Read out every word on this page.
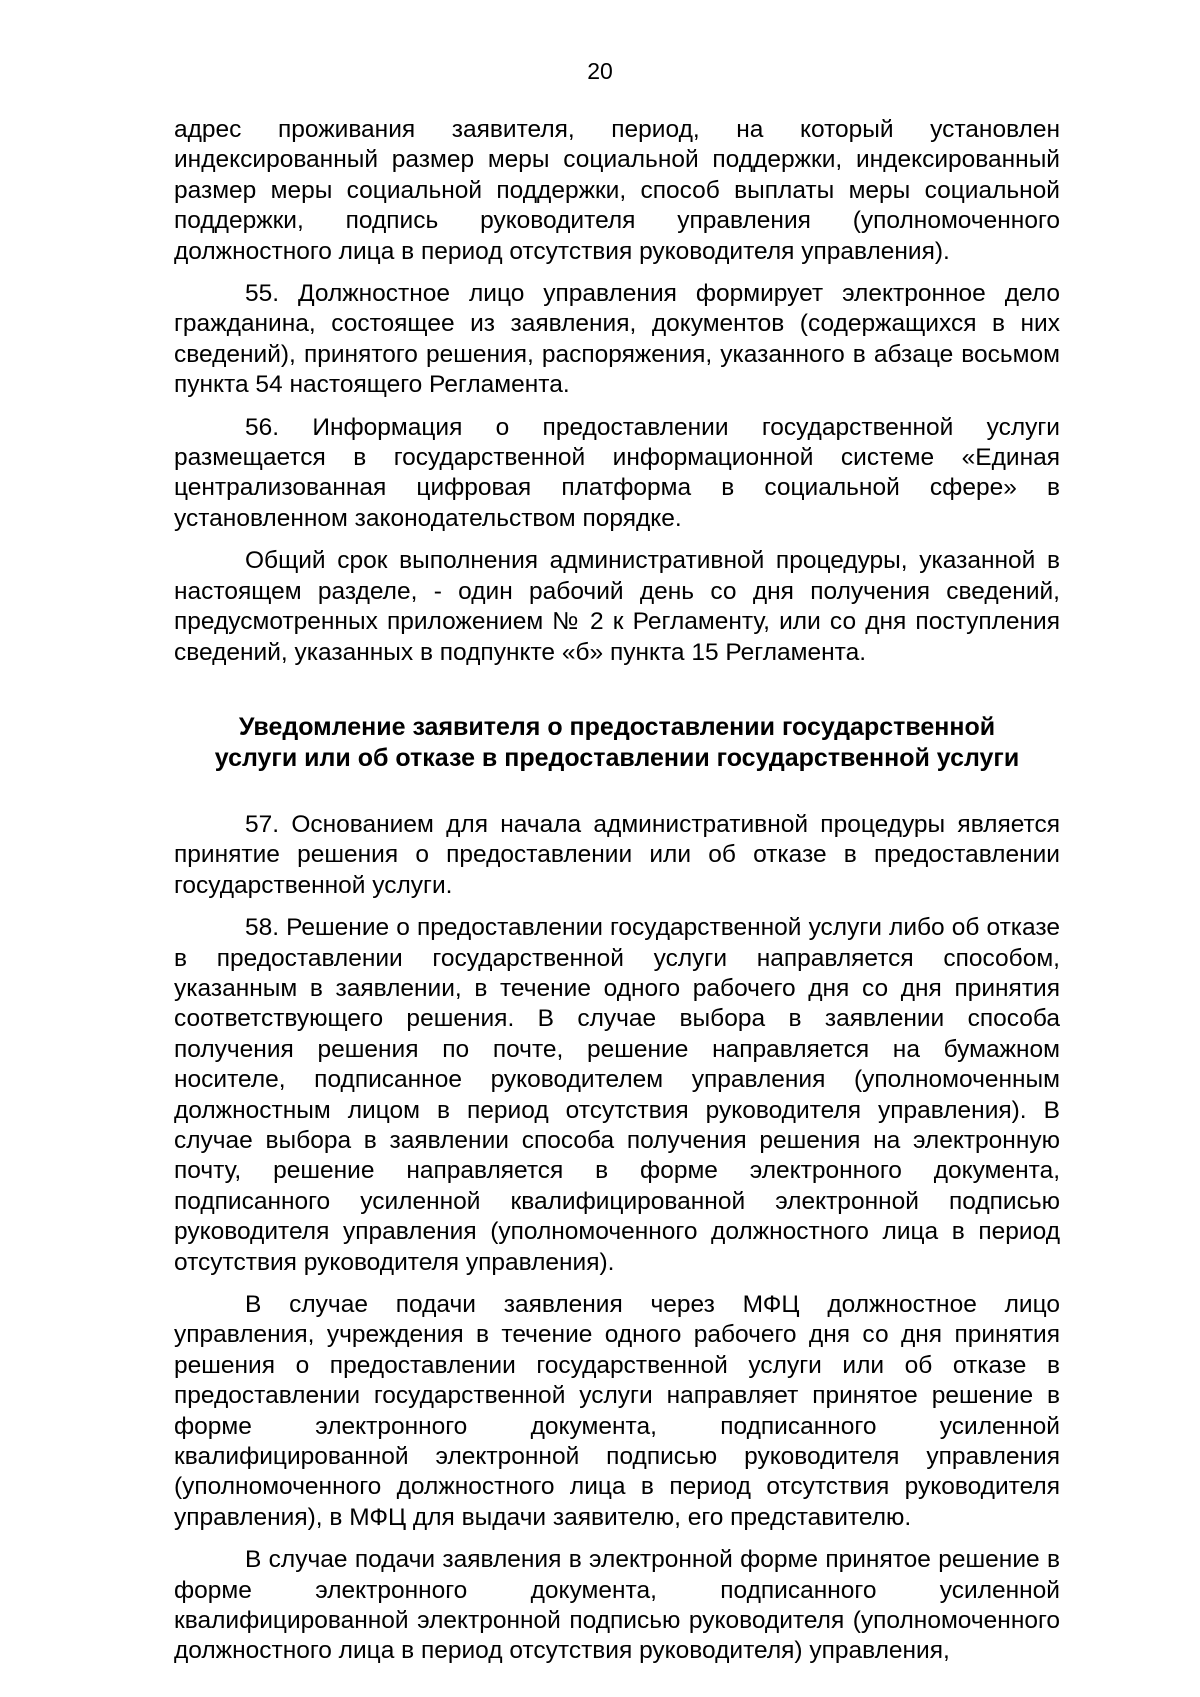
20

адрес проживания заявителя, период, на который установлен индексированный размер меры социальной поддержки, индексированный размер меры социальной поддержки, способ выплаты меры социальной поддержки, подпись руководителя управления (уполномоченного должностного лица в период отсутствия руководителя управления).

55. Должностное лицо управления формирует электронное дело гражданина, состоящее из заявления, документов (содержащихся в них сведений), принятого решения, распоряжения, указанного в абзаце восьмом пункта 54 настоящего Регламента.

56. Информация о предоставлении государственной услуги размещается в государственной информационной системе «Единая централизованная цифровая платформа в социальной сфере» в установленном законодательством порядке.

Общий срок выполнения административной процедуры, указанной в настоящем разделе, - один рабочий день со дня получения сведений, предусмотренных приложением № 2 к Регламенту, или со дня поступления сведений, указанных в подпункте «б» пункта 15 Регламента.

Уведомление заявителя о предоставлении государственной
услуги или об отказе в предоставлении государственной услуги

57. Основанием для начала административной процедуры является принятие решения о предоставлении или об отказе в предоставлении государственной услуги.

58. Решение о предоставлении государственной услуги либо об отказе в предоставлении государственной услуги направляется способом, указанным в заявлении, в течение одного рабочего дня со дня принятия соответствующего решения. В случае выбора в заявлении способа получения решения по почте, решение направляется на бумажном носителе, подписанное руководителем управления (уполномоченным должностным лицом в период отсутствия руководителя управления). В случае выбора в заявлении способа получения решения на электронную почту, решение направляется в форме электронного документа, подписанного усиленной квалифицированной электронной подписью руководителя управления (уполномоченного должностного лица в период отсутствия руководителя управления).

В случае подачи заявления через МФЦ должностное лицо управления, учреждения в течение одного рабочего дня со дня принятия решения о предоставлении государственной услуги или об отказе в предоставлении государственной услуги направляет принятое решение в форме электронного документа, подписанного усиленной квалифицированной электронной подписью руководителя управления (уполномоченного должностного лица в период отсутствия руководителя управления), в МФЦ для выдачи заявителю, его представителю.

В случае подачи заявления в электронной форме принятое решение в форме электронного документа, подписанного усиленной квалифицированной электронной подписью руководителя (уполномоченного должностного лица в период отсутствия руководителя) управления,
